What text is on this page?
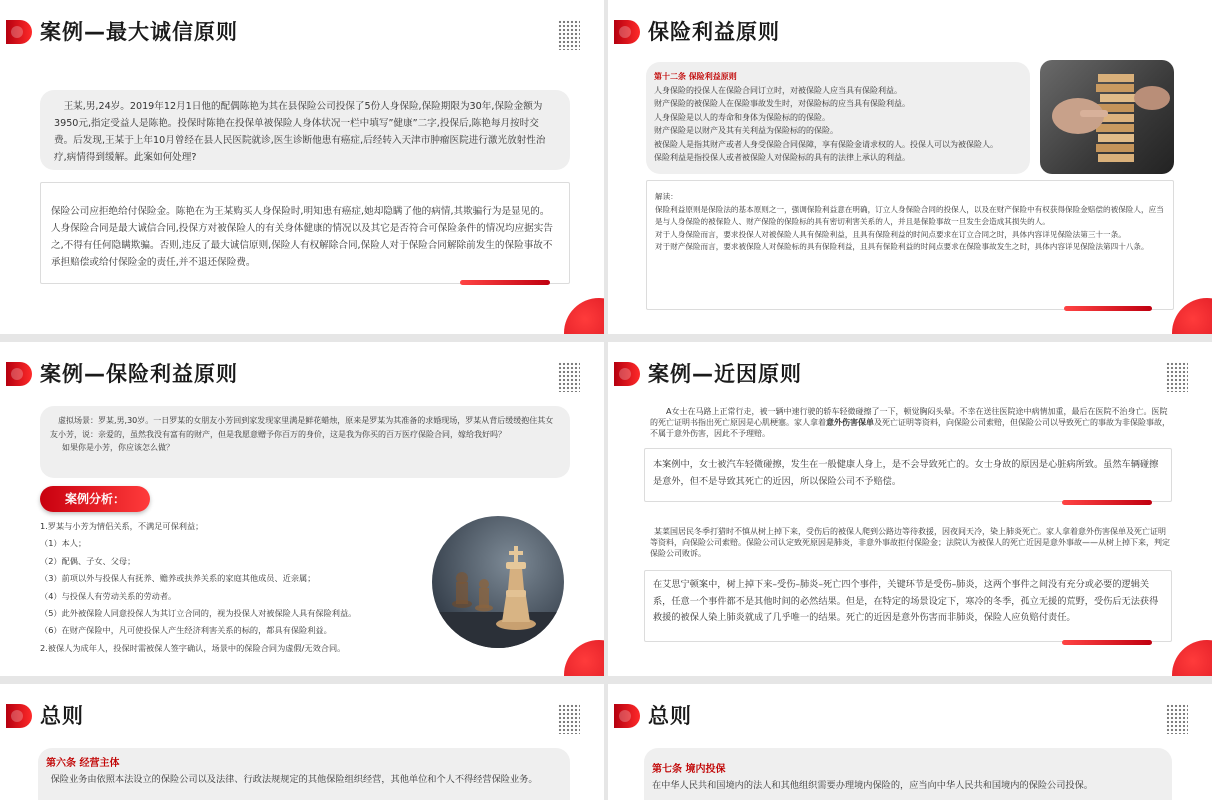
案例—最大诚信原则
王某,男,24岁。2019年12月1日他的配偶陈艳为其在县保险公司投保了5份人身保险,保险期限为30年,保险金额为3950元,指定受益人是陈艳。投保时陈艳在投保单被保险人身体状况一栏中填写”健康”二字,投保后,陈艳每月按时交费。后发现,王某于上年10月曾经在县人民医院就诊,医生诊断他患有癌症,后经转入天津市肿瘤医院进行激光放射性治疗,病情得到缓解。此案如何处理?
保险公司应拒绝给付保险金。陈艳在为王某购买人身保险时,明知患有癌症,她却隐瞒了他的病情,其欺骗行为是显见的。人身保险合同是最大诚信合同,投保方对被保险人的有关身体健康的情况以及其它是否符合可保险条件的情况均应据实告之,不得有任何隐瞒欺骗。否则,违反了最大诚信原则,保险人有权解除合同,保险人对于保险合同解除前发生的保险事故不承担赔偿或给付保险金的责任,并不退还保险费。
保险利益原则
第十二条 保险利益原则
人身保险的投保人在保险合同订立时，对被保险人应当具有保险利益。
财产保险的被保险人在保险事故发生时，对保险标的应当具有保险利益。
人身保险是以人的寿命和身体为保险标的的保险。
财产保险是以财产及其有关利益为保险标的的保险。
被保险人是指其财产或者人身受保险合同保障，享有保险金请求权的人。投保人可以为被保险人。
保险利益是指投保人或者被保险人对保险标的具有的法律上承认的利益。
解读：
保险利益原则是保险法的基本原则之一，强调保险利益意在明确，订立人身保险合同的投保人，以及在财产保险中有权获得保险金赔偿的被保险人，应当是与人身保险的被保险人、财产保险的保险标的具有密切利害关系的人，并且是保险事故一旦发生会造成其损失的人。
对于人身保险而言，要求投保人对被保险人具有保险利益，且具有保险利益的时间点要求在订立合同之时，具体内容详见保险法第三十一条。
对于财产保险而言，要求被保险人对保险标的具有保险利益，且具有保险利益的时间点要求在保险事故发生之时，具体内容详见保险法第四十八条。
案例—保险利益原则
虚拟场景：罗某,男,30岁。一日罗某的女朋友小芳回到家发现家里满是鲜花蜡烛，原来是罗某为其准备的求婚现场，罗某从背后缓缓抱住其女友小芳，说：亲爱的，虽然我没有富有的财产，但是我愿意赠予你百万的身价，这是我为你买的百万医疗保险合同，嫁给我好吗？
如果你是小芳，你应该怎么做？
案例分析：
1.罗某与小芳为情侣关系，不满足可保利益；
（1）本人；
（2）配偶、子女、父母；
（3）前项以外与投保人有抚养、赡养或扶养关系的家庭其他成员、近亲属；
（4）与投保人有劳动关系的劳动者。
（5）此外被保险人同意投保人为其订立合同的，视为投保人对被保险人具有保险利益。
（6）在财产保险中，凡可使投保人产生经济利害关系的标的，都具有保险利益。
2.被保人为成年人，投保时需被保人签字确认，场景中的保险合同为虚假/无效合同。
案例—近因原则
A女士在马路上正常行走，被一辆中速行驶的轿车轻微碰擦了一下，顿觉胸闷头晕。不幸在送往医院途中病情加重，最后在医院不治身亡。医院的死亡证明书指出死亡原因是心肌梗塞。家人拿着意外伤害保单及死亡证明等资料，向保险公司索赔，但保险公司以导致死亡的事故为非保险事故，不属于意外伤害，因此不予理赔。
本案例中，女士被汽车轻微碰擦，发生在一般健康人身上，是不会导致死亡的。女士身故的原因是心脏病所致。虽然车辆碰擦是意外，但不是导致其死亡的近因，所以保险公司不予赔偿。
某菜国居民冬季打猎时不慎从树上掉下来，受伤后的被保人爬到公路边等待救援，因夜间天冷，染上肺炎死亡。家人拿着意外伤害保单及死亡证明等资料，向保险公司索赔。保险公司认定致死原因是肺炎，非意外事故拒付保险金；法院认为被保人的死亡近因是意外事故——从树上掉下来，判定保险公司败诉。
在艾思宁顿案中，树上掉下来–受伤–肺炎–死亡四个事件，关键环节是受伤–肺炎，这两个事件之间没有充分或必要的逻辑关系，任意一个事件都不是其他时间的必然结果。但是，在特定的场景设定下，寒冷的冬季，孤立无援的荒野，受伤后无法获得救援的被保人染上肺炎就成了几乎唯一的结果。死亡的近因是意外伤害而非肺炎，保险人应负赔付责任。
总则
第六条 经营主体
保险业务由依照本法设立的保险公司以及法律、行政法规规定的其他保险组织经营，其他单位和个人不得经营保险业务。
总则
第七条 境内投保
在中华人民共和国境内的法人和其他组织需要办理境内保险的，应当向中华人民共和国境内的保险公司投保。
